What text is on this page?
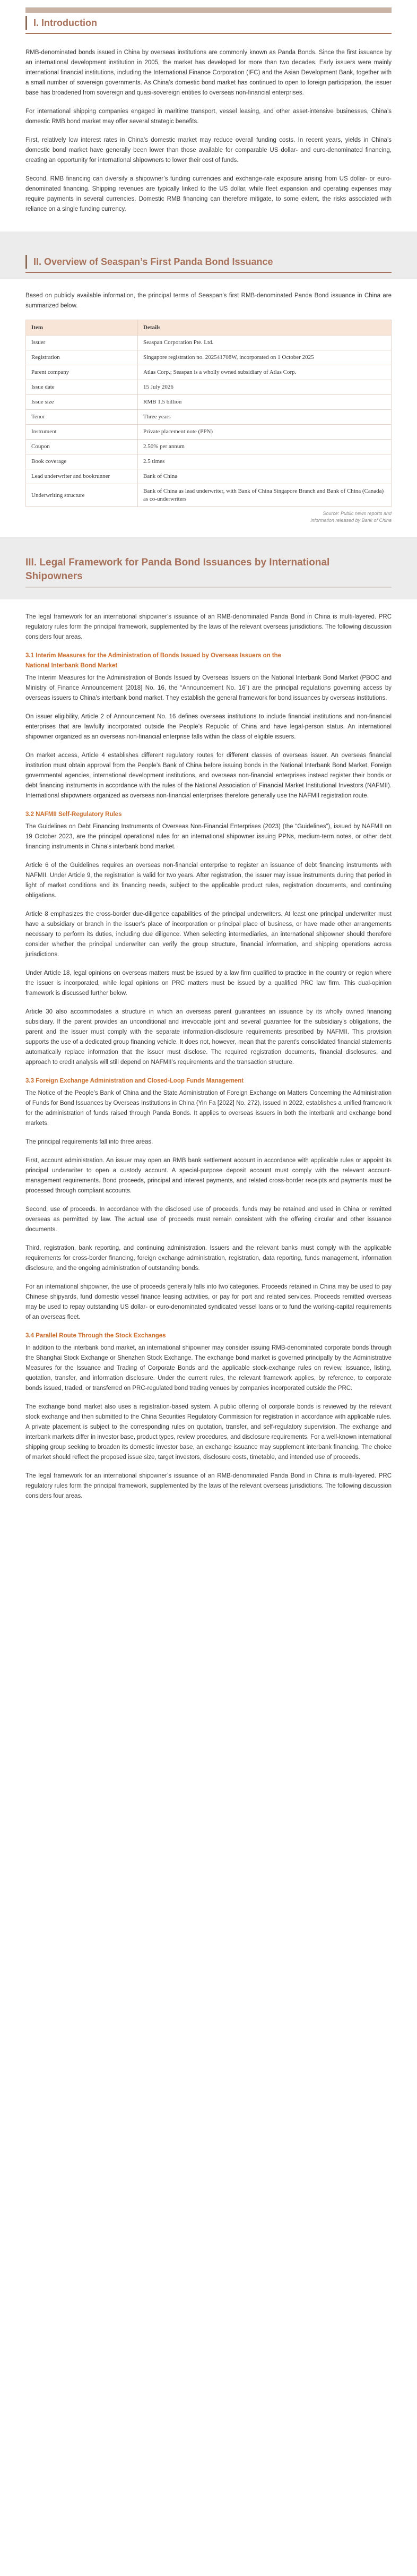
I. Introduction

RMB-denominated bonds issued in China by overseas institutions are commonly known as Panda Bonds. Since the first issuance by an international development institution in 2005, the market has developed for more than two decades. Early issuers were mainly international financial institutions, including the International Finance Corporation (IFC) and the Asian Development Bank, together with a small number of sovereign governments. As China’s domestic bond market has continued to open to foreign participation, the issuer base has broadened from sovereign and quasi-sovereign entities to overseas non-financial enterprises.

For international shipping companies engaged in maritime transport, vessel leasing, and other asset-intensive businesses, China’s domestic RMB bond market may offer several strategic benefits.

First, relatively low interest rates in China’s domestic market may reduce overall funding costs. In recent years, yields in China’s domestic bond market have generally been lower than those available for comparable US dollar- and euro-denominated financing, creating an opportunity for international shipowners to lower their cost of funds.

Second, RMB financing can diversify a shipowner’s funding currencies and exchange-rate exposure arising from US dollar- or euro-denominated financing. Shipping revenues are typically linked to the US dollar, while fleet expansion and operating expenses may require payments in several currencies. Domestic RMB financing can therefore mitigate, to some extent, the risks associated with reliance on a single funding currency.

II. Overview of Seaspan’s First Panda Bond Issuance

Based on publicly available information, the principal terms of Seaspan’s first RMB-denominated Panda Bond issuance in China are summarized below.

Item	Details
Issuer	Seaspan Corporation Pte. Ltd.
Registration	Singapore registration no. 202541708W, incorporated on 1 October 2025
Parent company	Atlas Corp.; Seaspan is a wholly owned subsidiary of Atlas Corp.
Issue date	15 July 2026
Issue size	RMB 1.5 billion
Tenor	Three years
Instrument	Private placement note (PPN)
Coupon	2.50% per annum
Book coverage	2.5 times
Lead underwriter and bookrunner	Bank of China
Underwriting structure	Bank of China as lead underwriter, with Bank of China Singapore Branch and Bank of China (Canada) as co-underwriters
Source: Public news reports and
information released by Bank of China
III. Legal Framework for Panda Bond Issuances by International
Shipowners

The legal framework for an international shipowner’s issuance of an RMB-denominated Panda Bond in China is multi-layered. PRC regulatory rules form the principal framework, supplemented by the laws of the relevant overseas jurisdictions. The following discussion considers four areas.

3.1 Interim Measures for the Administration of Bonds Issued by Overseas Issuers on the
National Interbank Bond Market

The Interim Measures for the Administration of Bonds Issued by Overseas Issuers on the National Interbank Bond Market (PBOC and Ministry of Finance Announcement [2018] No. 16, the “Announcement No. 16”) are the principal regulations governing access by overseas issuers to China’s interbank bond market. They establish the general framework for bond issuances by overseas institutions.

On issuer eligibility, Article 2 of Announcement No. 16 defines overseas institutions to include financial institutions and non-financial enterprises that are lawfully incorporated outside the People’s Republic of China and have legal-person status. An international shipowner organized as an overseas non-financial enterprise falls within the class of eligible issuers.

On market access, Article 4 establishes different regulatory routes for different classes of overseas issuer. An overseas financial institution must obtain approval from the People’s Bank of China before issuing bonds in the National Interbank Bond Market. Foreign governmental agencies, international development institutions, and overseas non-financial enterprises instead register their bonds or debt financing instruments in accordance with the rules of the National Association of Financial Market Institutional Investors (NAFMII). International shipowners organized as overseas non-financial enterprises therefore generally use the NAFMII registration route.

3.2 NAFMII Self-Regulatory Rules

The Guidelines on Debt Financing Instruments of Overseas Non-Financial Enterprises (2023) (the “Guidelines”), issued by NAFMII on 19 October 2023, are the principal operational rules for an international shipowner issuing PPNs, medium-term notes, or other debt financing instruments in China’s interbank bond market.

Article 6 of the Guidelines requires an overseas non-financial enterprise to register an issuance of debt financing instruments with NAFMII. Under Article 9, the registration is valid for two years. After registration, the issuer may issue instruments during that period in light of market conditions and its financing needs, subject to the applicable product rules, registration documents, and continuing obligations.

Article 8 emphasizes the cross-border due-diligence capabilities of the principal underwriters. At least one principal underwriter must have a subsidiary or branch in the issuer’s place of incorporation or principal place of business, or have made other arrangements necessary to perform its duties, including due diligence. When selecting intermediaries, an international shipowner should therefore consider whether the principal underwriter can verify the group structure, financial information, and shipping operations across jurisdictions.

Under Article 18, legal opinions on overseas matters must be issued by a law firm qualified to practice in the country or region where the issuer is incorporated, while legal opinions on PRC matters must be issued by a qualified PRC law firm. This dual-opinion framework is discussed further below.

Article 30 also accommodates a structure in which an overseas parent guarantees an issuance by its wholly owned financing subsidiary. If the parent provides an unconditional and irrevocable joint and several guarantee for the subsidiary’s obligations, the parent and the issuer must comply with the separate information-disclosure requirements prescribed by NAFMII. This provision supports the use of a dedicated group financing vehicle. It does not, however, mean that the parent’s consolidated financial statements automatically replace information that the issuer must disclose. The required registration documents, financial disclosures, and approach to credit analysis will still depend on NAFMII’s requirements and the transaction structure.

3.3 Foreign Exchange Administration and Closed-Loop Funds Management

The Notice of the People’s Bank of China and the State Administration of Foreign Exchange on Matters Concerning the Administration of Funds for Bond Issuances by Overseas Institutions in China (Yin Fa [2022] No. 272), issued in 2022, establishes a unified framework for the administration of funds raised through Panda Bonds. It applies to overseas issuers in both the interbank and exchange bond markets.

The principal requirements fall into three areas.

First, account administration. An issuer may open an RMB bank settlement account in accordance with applicable rules or appoint its principal underwriter to open a custody account. A special-purpose deposit account must comply with the relevant account-management requirements. Bond proceeds, principal and interest payments, and related cross-border receipts and payments must be processed through compliant accounts.

Second, use of proceeds. In accordance with the disclosed use of proceeds, funds may be retained and used in China or remitted overseas as permitted by law. The actual use of proceeds must remain consistent with the offering circular and other issuance documents.

Third, registration, bank reporting, and continuing administration. Issuers and the relevant banks must comply with the applicable requirements for cross-border financing, foreign exchange administration, registration, data reporting, funds management, information disclosure, and the ongoing administration of outstanding bonds.

For an international shipowner, the use of proceeds generally falls into two categories. Proceeds retained in China may be used to pay Chinese shipyards, fund domestic vessel finance leasing activities, or pay for port and related services. Proceeds remitted overseas may be used to repay outstanding US dollar- or euro-denominated syndicated vessel loans or to fund the working-capital requirements of an overseas fleet.

3.4 Parallel Route Through the Stock Exchanges

In addition to the interbank bond market, an international shipowner may consider issuing RMB-denominated corporate bonds through the Shanghai Stock Exchange or Shenzhen Stock Exchange. The exchange bond market is governed principally by the Administrative Measures for the Issuance and Trading of Corporate Bonds and the applicable stock-exchange rules on review, issuance, listing, quotation, transfer, and information disclosure. Under the current rules, the relevant framework applies, by reference, to corporate bonds issued, traded, or transferred on PRC-regulated bond trading venues by companies incorporated outside the PRC.

The exchange bond market also uses a registration-based system. A public offering of corporate bonds is reviewed by the relevant stock exchange and then submitted to the China Securities Regulatory Commission for registration in accordance with applicable rules. A private placement is subject to the corresponding rules on quotation, transfer, and self-regulatory supervision. The exchange and interbank markets differ in investor base, product types, review procedures, and disclosure requirements. For a well-known international shipping group seeking to broaden its domestic investor base, an exchange issuance may supplement interbank financing. The choice of market should reflect the proposed issue size, target investors, disclosure costs, timetable, and intended use of proceeds.

The legal framework for an international shipowner’s issuance of an RMB-denominated Panda Bond in China is multi-layered. PRC regulatory rules form the principal framework, supplemented by the laws of the relevant overseas jurisdictions. The following discussion considers four areas.
